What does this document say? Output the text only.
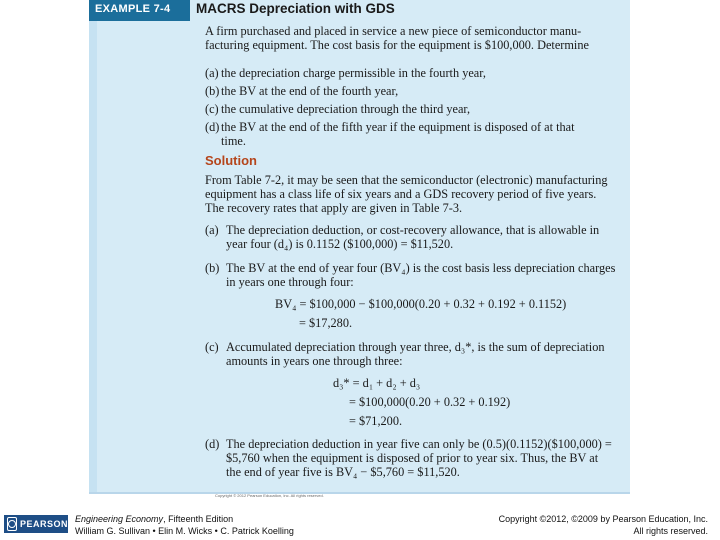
EXAMPLE 7-4 MACRS Depreciation with GDS
A firm purchased and placed in service a new piece of semiconductor manu-
facturing equipment. The cost basis for the equipment is $100,000. Determine
(a) the depreciation charge permissible in the fourth year,
(b) the BV at the end of the fourth year,
(c) the cumulative depreciation through the third year,
(d) the BV at the end of the fifth year if the equipment is disposed of at that
time.
Solution
From Table 7-2, it may be seen that the semiconductor (electronic) manufacturing
equipment has a class life of six years and a GDS recovery period of five years.
The recovery rates that apply are given in Table 7-3.
(a) The depreciation deduction, or cost-recovery allowance, that is allowable in
year four (d₄) is 0.1152 ($100,000) = $11,520.
(b) The BV at the end of year four (BV₄) is the cost basis less depreciation charges
in years one through four:
BV₄ = $100,000 − $100,000(0.20 + 0.32 + 0.192 + 0.1152)
= $17,280.
(c) Accumulated depreciation through year three, d₃*, is the sum of depreciation
amounts in years one through three:
d₃* = d₁ + d₂ + d₃
= $100,000(0.20 + 0.32 + 0.192)
= $71,200.
(d) The depreciation deduction in year five can only be (0.5)(0.1152)($100,000) =
$5,760 when the equipment is disposed of prior to year six. Thus, the BV at
the end of year five is BV₄ − $5,760 = $11,520.
Copyright © 2012 Pearson Education, Inc. All rights reserved.
PEARSON Engineering Economy, Fifteenth Edition
William G. Sullivan • Elin M. Wicks • C. Patrick Koelling
Copyright ©2012, ©2009 by Pearson Education, Inc.
All rights reserved.
